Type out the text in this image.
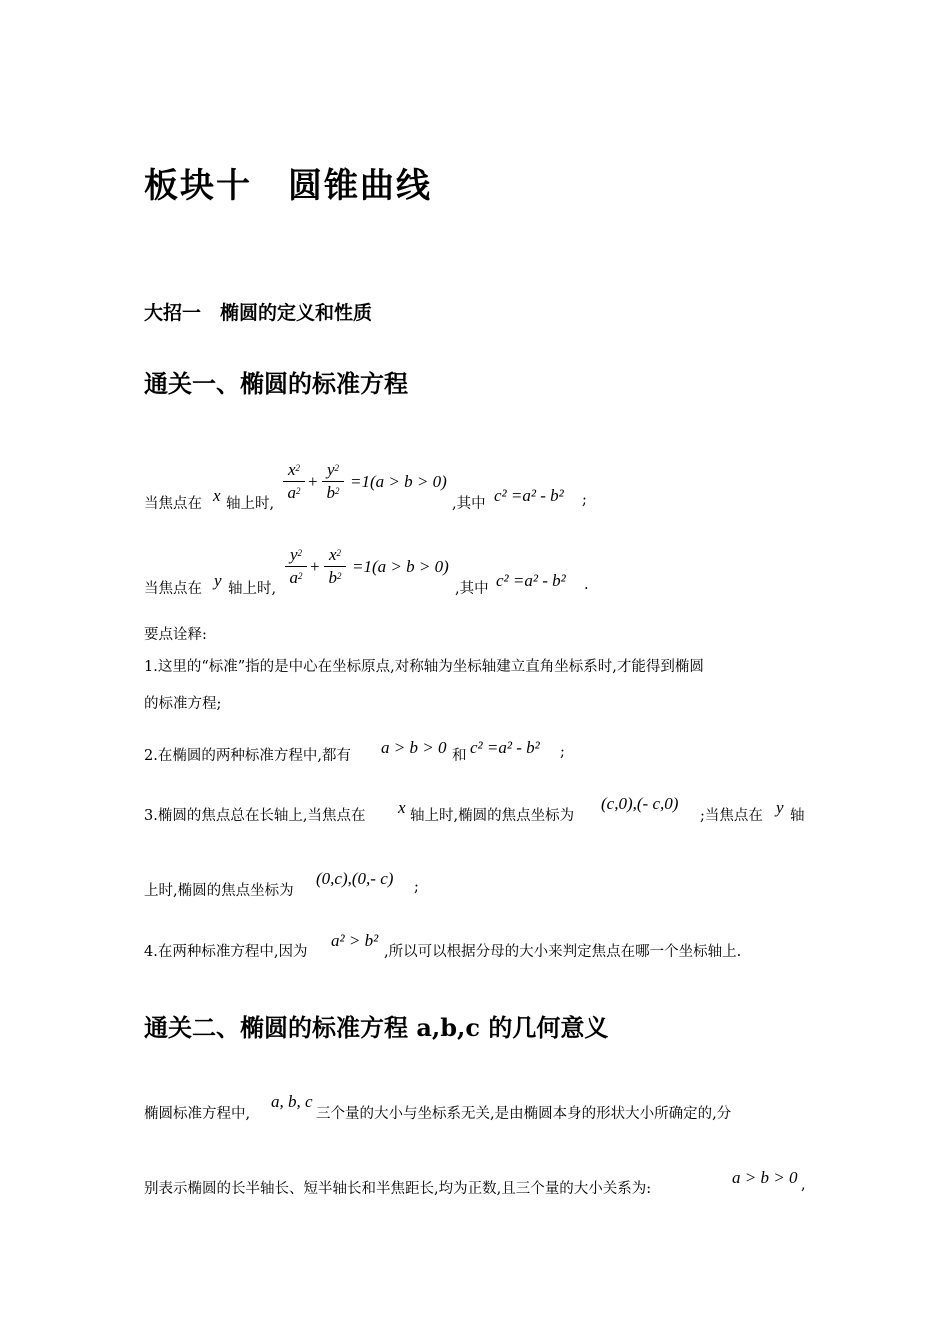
板块十　圆锥曲线
大招一　椭圆的定义和性质
通关一、椭圆的标准方程
当焦点在 x 轴上时,
$x^2$
$a^2$ +
$y^2$
$b^2 =1(a > b > 0)$
,其中 c² =a² - b² ;
当焦点在 y 轴上时,
$y^2$
$a^2$ +
$x^2$
$b^2 =1(a > b > 0)$
,其中 c² =a² - b² .
要点诠释:
1.这里的“标准”指的是中心在坐标原点,对称轴为坐标轴建立直角坐标系时,才能得到椭圆
的标准方程;
2.在椭圆的两种标准方程中,都有 a > b > 0 和 c² =a² - b² ;
3.椭圆的焦点总在长轴上,当焦点在 x 轴上时,椭圆的焦点坐标为
(c,0),(- c,0)
;当焦点在 y 轴
上时,椭圆的焦点坐标为
(0,c),(0,- c) ;
4.在两种标准方程中,因为
a² > b²
,所以可以根据分母的大小来判定焦点在哪一个坐标轴上.
通关二、椭圆的标准方程 a,b,c 的几何意义
椭圆标准方程中,
a, b, c
三个量的大小与坐标系无关,是由椭圆本身的形状大小所确定的,分
别表示椭圆的长半轴长、短半轴长和半焦距长,均为正数,且三个量的大小关系为:
a > b > 0 ,
